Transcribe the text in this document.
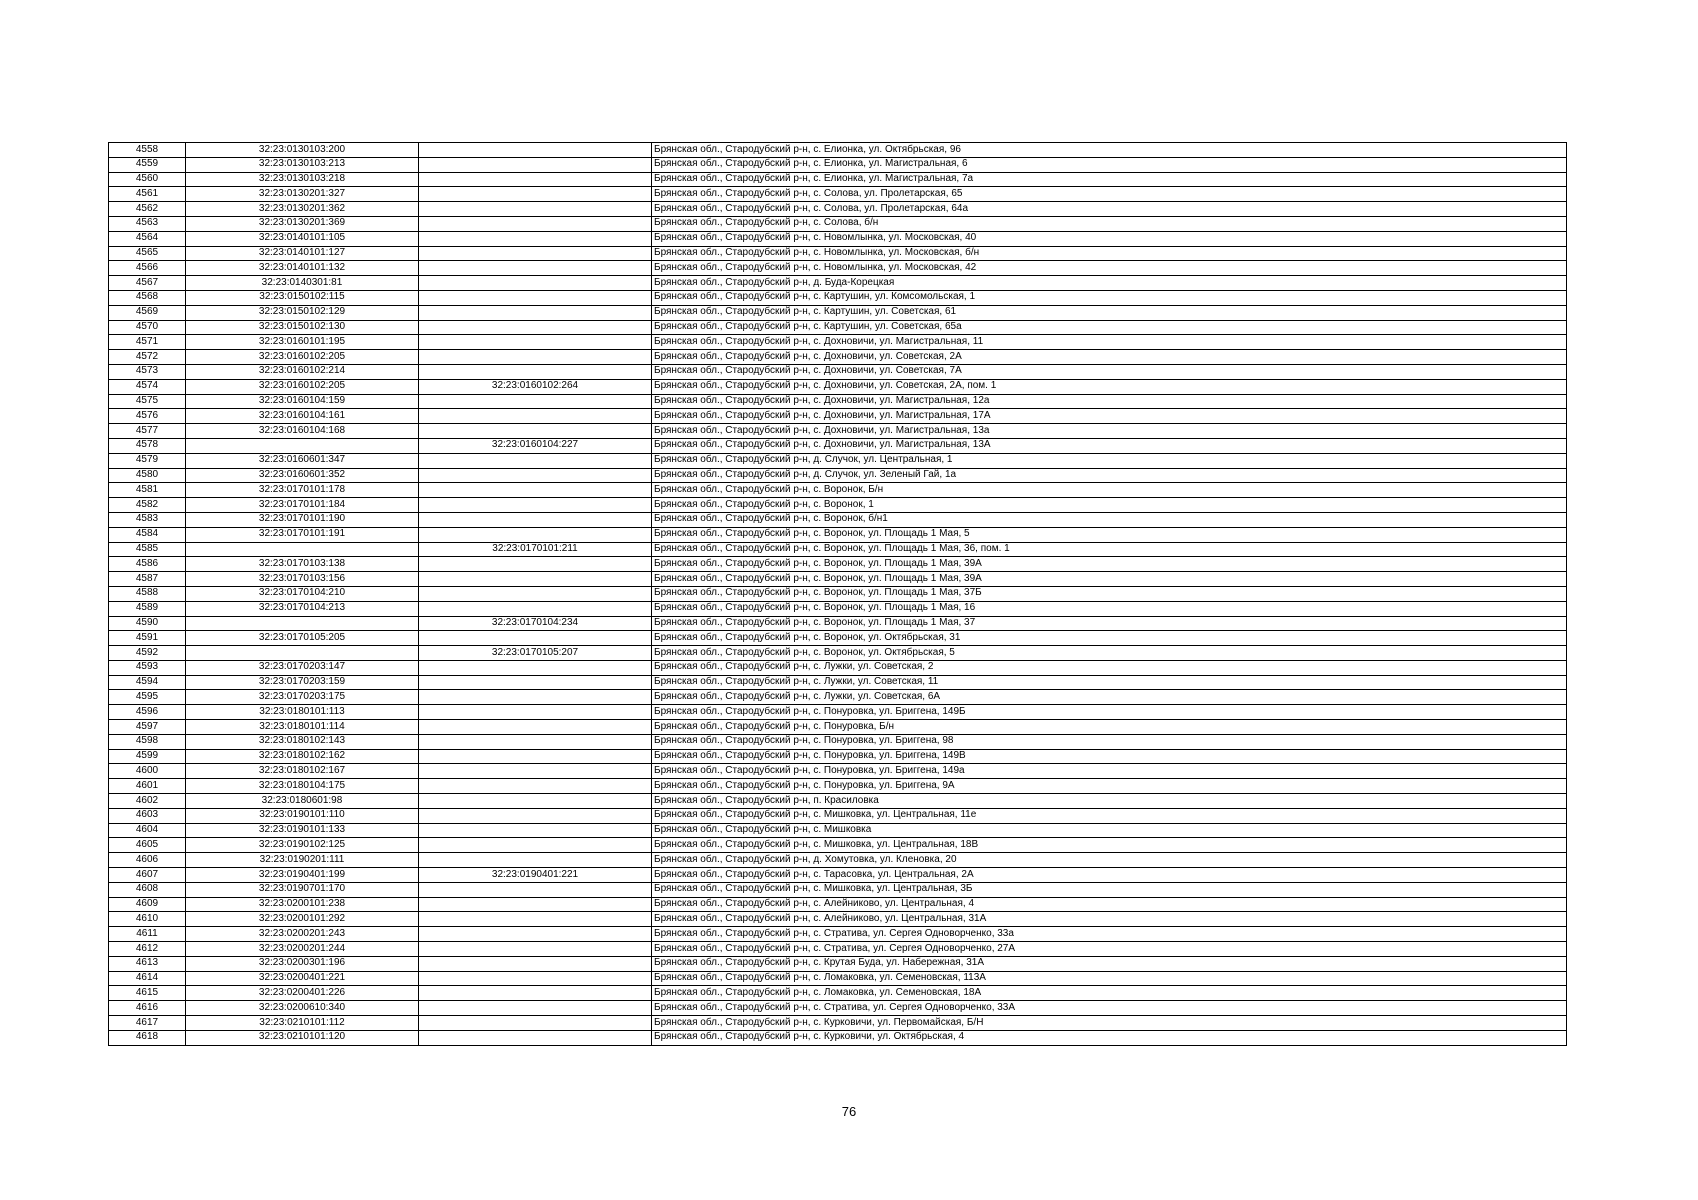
4558	32:23:0130103:200		Брянская обл., Стародубский р-н, с. Елионка, ул. Октябрьская, 96
4559	32:23:0130103:213		Брянская обл., Стародубский р-н, с. Елионка, ул. Магистральная, 6
4560	32:23:0130103:218		Брянская обл., Стародубский р-н, с. Елионка, ул. Магистральная, 7а
4561	32:23:0130201:327		Брянская обл., Стародубский р-н, с. Солова, ул. Пролетарская, 65
4562	32:23:0130201:362		Брянская обл., Стародубский р-н, с. Солова, ул. Пролетарская, 64а
4563	32:23:0130201:369		Брянская обл., Стародубский р-н, с. Солова, б/н
4564	32:23:0140101:105		Брянская обл., Стародубский р-н, с. Новомлынка, ул. Московская, 40
4565	32:23:0140101:127		Брянская обл., Стародубский р-н, с. Новомлынка, ул. Московская, б/н
4566	32:23:0140101:132		Брянская обл., Стародубский р-н, с. Новомлынка, ул. Московская, 42
4567	32:23:0140301:81		Брянская обл., Стародубский р-н, д. Буда-Корецкая
4568	32:23:0150102:115		Брянская обл., Стародубский р-н, с. Картушин, ул. Комсомольская, 1
4569	32:23:0150102:129		Брянская обл., Стародубский р-н, с. Картушин, ул. Советская, 61
4570	32:23:0150102:130		Брянская обл., Стародубский р-н, с. Картушин, ул. Советская, 65а
4571	32:23:0160101:195		Брянская обл., Стародубский р-н, с. Дохновичи, ул. Магистральная, 11
4572	32:23:0160102:205		Брянская обл., Стародубский р-н, с. Дохновичи, ул. Советская, 2А
4573	32:23:0160102:214		Брянская обл., Стародубский р-н, с. Дохновичи, ул. Советская, 7А
4574	32:23:0160102:205	32:23:0160102:264	Брянская обл., Стародубский р-н, с. Дохновичи, ул. Советская, 2А, пом. 1
4575	32:23:0160104:159		Брянская обл., Стародубский р-н, с. Дохновичи, ул. Магистральная, 12а
4576	32:23:0160104:161		Брянская обл., Стародубский р-н, с. Дохновичи, ул. Магистральная, 17А
4577	32:23:0160104:168		Брянская обл., Стародубский р-н, с. Дохновичи, ул. Магистральная, 13а
4578		32:23:0160104:227	Брянская обл., Стародубский р-н, с. Дохновичи, ул. Магистральная, 13А
4579	32:23:0160601:347		Брянская обл., Стародубский р-н, д. Случок, ул. Центральная, 1
4580	32:23:0160601:352		Брянская обл., Стародубский р-н, д. Случок, ул. Зеленый Гай, 1а
4581	32:23:0170101:178		Брянская обл., Стародубский р-н, с. Воронок, Б/н
4582	32:23:0170101:184		Брянская обл., Стародубский р-н, с. Воронок, 1
4583	32:23:0170101:190		Брянская обл., Стародубский р-н, с. Воронок, б/н1
4584	32:23:0170101:191		Брянская обл., Стародубский р-н, с. Воронок, ул. Площадь 1 Мая, 5
4585		32:23:0170101:211	Брянская обл., Стародубский р-н, с. Воронок, ул. Площадь 1 Мая, 36, пом. 1
4586	32:23:0170103:138		Брянская обл., Стародубский р-н, с. Воронок, ул. Площадь 1 Мая, 39А
4587	32:23:0170103:156		Брянская обл., Стародубский р-н, с. Воронок, ул. Площадь 1 Мая, 39А
4588	32:23:0170104:210		Брянская обл., Стародубский р-н, с. Воронок, ул. Площадь 1 Мая, 37Б
4589	32:23:0170104:213		Брянская обл., Стародубский р-н, с. Воронок, ул. Площадь 1 Мая, 16
4590		32:23:0170104:234	Брянская обл., Стародубский р-н, с. Воронок, ул. Площадь 1 Мая, 37
4591	32:23:0170105:205		Брянская обл., Стародубский р-н, с. Воронок, ул. Октябрьская, 31
4592		32:23:0170105:207	Брянская обл., Стародубский р-н, с. Воронок, ул. Октябрьская, 5
4593	32:23:0170203:147		Брянская обл., Стародубский р-н, с. Лужки, ул. Советская, 2
4594	32:23:0170203:159		Брянская обл., Стародубский р-н, с. Лужки, ул. Советская, 11
4595	32:23:0170203:175		Брянская обл., Стародубский р-н, с. Лужки, ул. Советская, 6А
4596	32:23:0180101:113		Брянская обл., Стародубский р-н, с. Понуровка, ул. Бриггена, 149Б
4597	32:23:0180101:114		Брянская обл., Стародубский р-н, с. Понуровка, Б/н
4598	32:23:0180102:143		Брянская обл., Стародубский р-н, с. Понуровка, ул. Бриггена, 98
4599	32:23:0180102:162		Брянская обл., Стародубский р-н, с. Понуровка, ул. Бриггена, 149В
4600	32:23:0180102:167		Брянская обл., Стародубский р-н, с. Понуровка, ул. Бриггена, 149а
4601	32:23:0180104:175		Брянская обл., Стародубский р-н, с. Понуровка, ул. Бриггена, 9А
4602	32:23:0180601:98		Брянская обл., Стародубский р-н, п. Красиловка
4603	32:23:0190101:110		Брянская обл., Стародубский р-н, с. Мишковка, ул. Центральная, 11е
4604	32:23:0190101:133		Брянская обл., Стародубский р-н, с. Мишковка
4605	32:23:0190102:125		Брянская обл., Стародубский р-н, с. Мишковка, ул. Центральная, 18В
4606	32:23:0190201:111		Брянская обл., Стародубский р-н, д. Хомутовка, ул. Кленовка, 20
4607	32:23:0190401:199	32:23:0190401:221	Брянская обл., Стародубский р-н, с. Тарасовка, ул. Центральная, 2А
4608	32:23:0190701:170		Брянская обл., Стародубский р-н, с. Мишковка, ул. Центральная, 3Б
4609	32:23:0200101:238		Брянская обл., Стародубский р-н, с. Алейниково, ул. Центральная, 4
4610	32:23:0200101:292		Брянская обл., Стародубский р-н, с. Алейниково, ул. Центральная, 31А
4611	32:23:0200201:243		Брянская обл., Стародубский р-н, с. Стратива, ул. Сергея Одноворченко, 33а
4612	32:23:0200201:244		Брянская обл., Стародубский р-н, с. Стратива, ул. Сергея Одноворченко, 27А
4613	32:23:0200301:196		Брянская обл., Стародубский р-н, с. Крутая Буда, ул. Набережная, 31А
4614	32:23:0200401:221		Брянская обл., Стародубский р-н, с. Ломаковка, ул. Семеновская, 113А
4615	32:23:0200401:226		Брянская обл., Стародубский р-н, с. Ломаковка, ул. Семеновская, 18А
4616	32:23:0200610:340		Брянская обл., Стародубский р-н, с. Стратива, ул. Сергея Одноворченко, 33А
4617	32:23:0210101:112		Брянская обл., Стародубский р-н, с. Курковичи, ул. Первомайская, Б/Н
4618	32:23:0210101:120		Брянская обл., Стародубский р-н, с. Курковичи, ул. Октябрьская, 4
76
